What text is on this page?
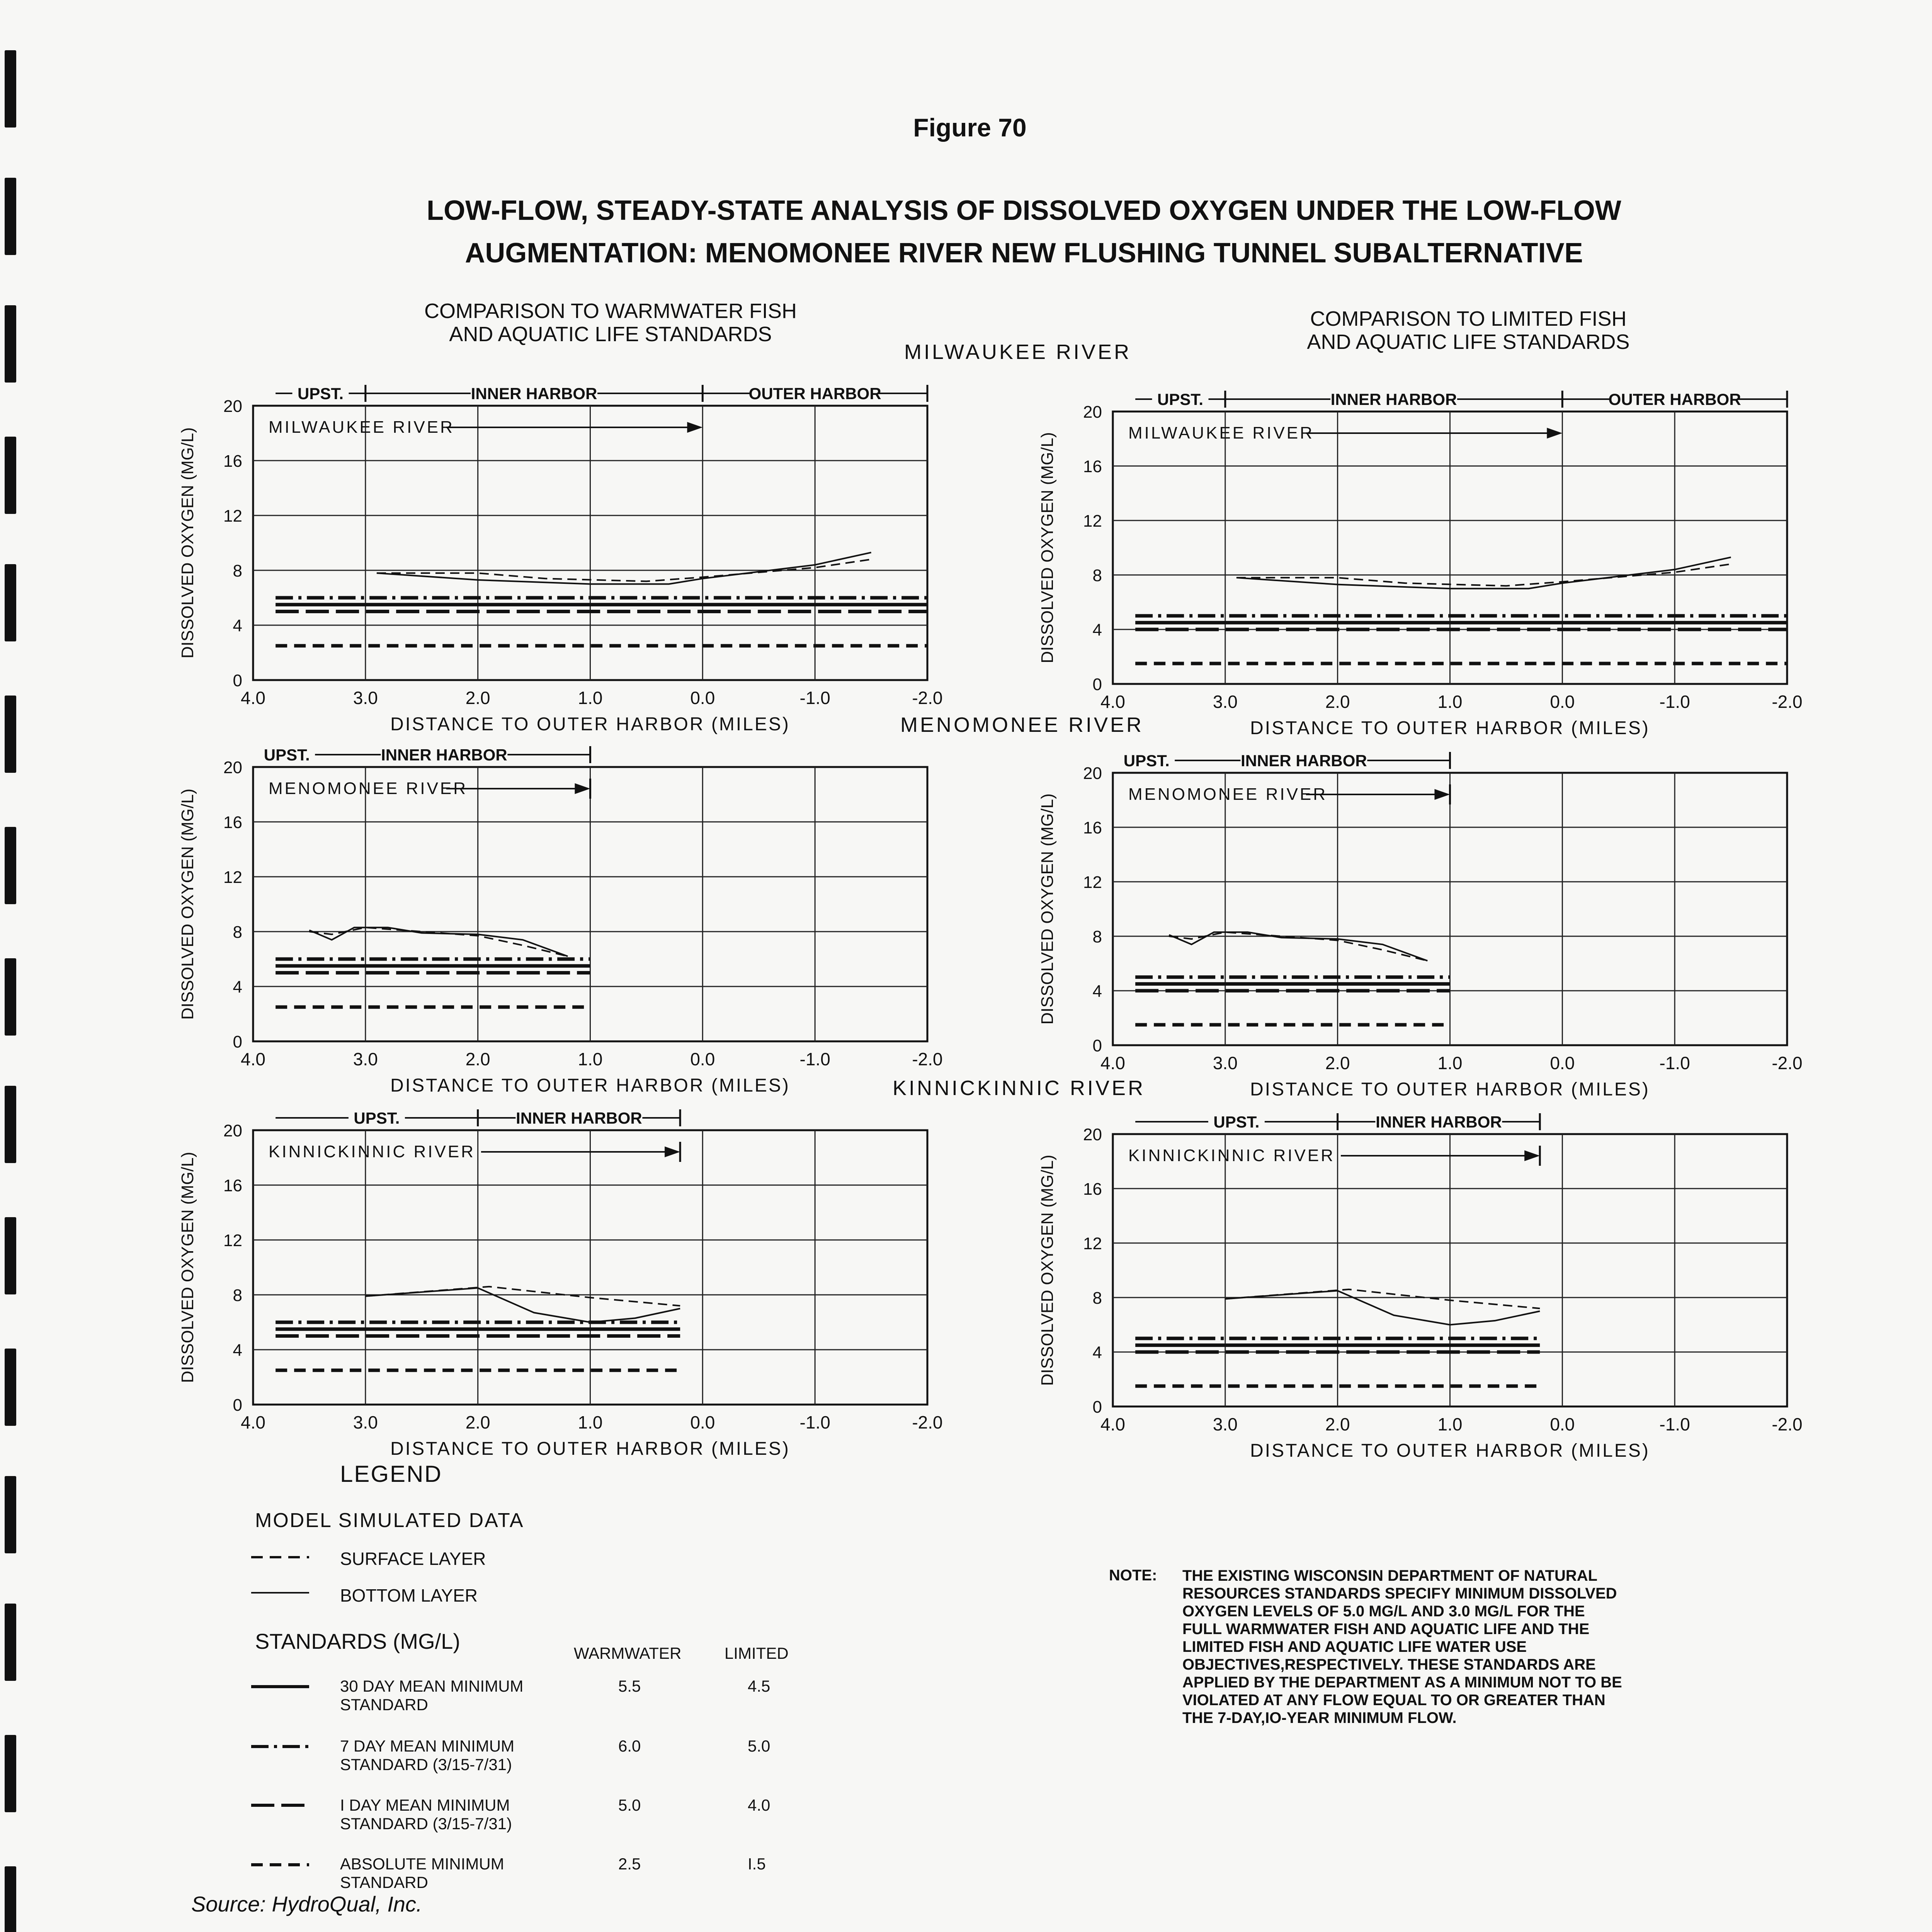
Figure 70
LOW-FLOW, STEADY-STATE ANALYSIS OF DISSOLVED OXYGEN UNDER THE LOW-FLOW
AUGMENTATION: MENOMONEE RIVER NEW FLUSHING TUNNEL SUBALTERNATIVE
COMPARISON TO WARMWATER FISH
AND AQUATIC LIFE STANDARDS
COMPARISON TO LIMITED FISH
AND AQUATIC LIFE STANDARDS
MILWAUKEE RIVER
MENOMONEE RIVER
KINNICKINNIC RIVER
0
4
8
12
16
20
4.0	3.0	2.0	1.0	0.0	-1.0	-2.0
DISSOLVED OXYGEN (MG/L)
DISTANCE TO OUTER HARBOR (MILES)
UPST.	INNER HARBOR	OUTER HARBOR
MILWAUKEE RIVER
0
4
8
12
16
20
4.0	3.0	2.0	1.0	0.0	-1.0	-2.0
DISSOLVED OXYGEN (MG/L)
DISTANCE TO OUTER HARBOR (MILES)
UPST.	INNER HARBOR	OUTER HARBOR
MILWAUKEE RIVER
0
4
8
12
16
20
4.0	3.0	2.0	1.0	0.0	-1.0	-2.0
DISSOLVED OXYGEN (MG/L)
DISTANCE TO OUTER HARBOR (MILES)
UPST.	INNER HARBOR
MENOMONEE RIVER
0
4
8
12
16
20
4.0	3.0	2.0	1.0	0.0	-1.0	-2.0
DISSOLVED OXYGEN (MG/L)
DISTANCE TO OUTER HARBOR (MILES)
UPST.	INNER HARBOR
MENOMONEE RIVER
0
4
8
12
16
20
4.0	3.0	2.0	1.0	0.0	-1.0	-2.0
DISSOLVED OXYGEN (MG/L)
DISTANCE TO OUTER HARBOR (MILES)
UPST.	INNER HARBOR
KINNICKINNIC RIVER
0
4
8
12
16
20
4.0	3.0	2.0	1.0	0.0	-1.0	-2.0
DISSOLVED OXYGEN (MG/L)
DISTANCE TO OUTER HARBOR (MILES)
UPST.	INNER HARBOR
KINNICKINNIC RIVER
LEGEND
MODEL SIMULATED DATA
SURFACE LAYER
BOTTOM LAYER
STANDARDS (MG/L)	WARMWATER	LIMITED
30 DAY MEAN MINIMUM
STANDARD
5.5	4.5
7 DAY MEAN MINIMUM
STANDARD (3/15-7/31)
6.0	5.0
I DAY MEAN MINIMUM
STANDARD (3/15-7/31)
5.0	4.0
ABSOLUTE MINIMUM
STANDARD
2.5	I.5
NOTE: THE EXISTING WISCONSIN DEPARTMENT OF NATURAL RESOURCES STANDARDS SPECIFY MINIMUM DISSOLVED OXYGEN LEVELS OF 5.0 MG/L AND 3.0 MG/L FOR THE FULL WARMWATER FISH AND AQUATIC LIFE AND THE LIMITED FISH AND AQUATIC LIFE WATER USE OBJECTIVES,RESPECTIVELY. THESE STANDARDS ARE APPLIED BY THE DEPARTMENT AS A MINIMUM NOT TO BE VIOLATED AT ANY FLOW EQUAL TO OR GREATER THAN THE 7-DAY,IO-YEAR MINIMUM FLOW.
Source: HydroQual, Inc.
